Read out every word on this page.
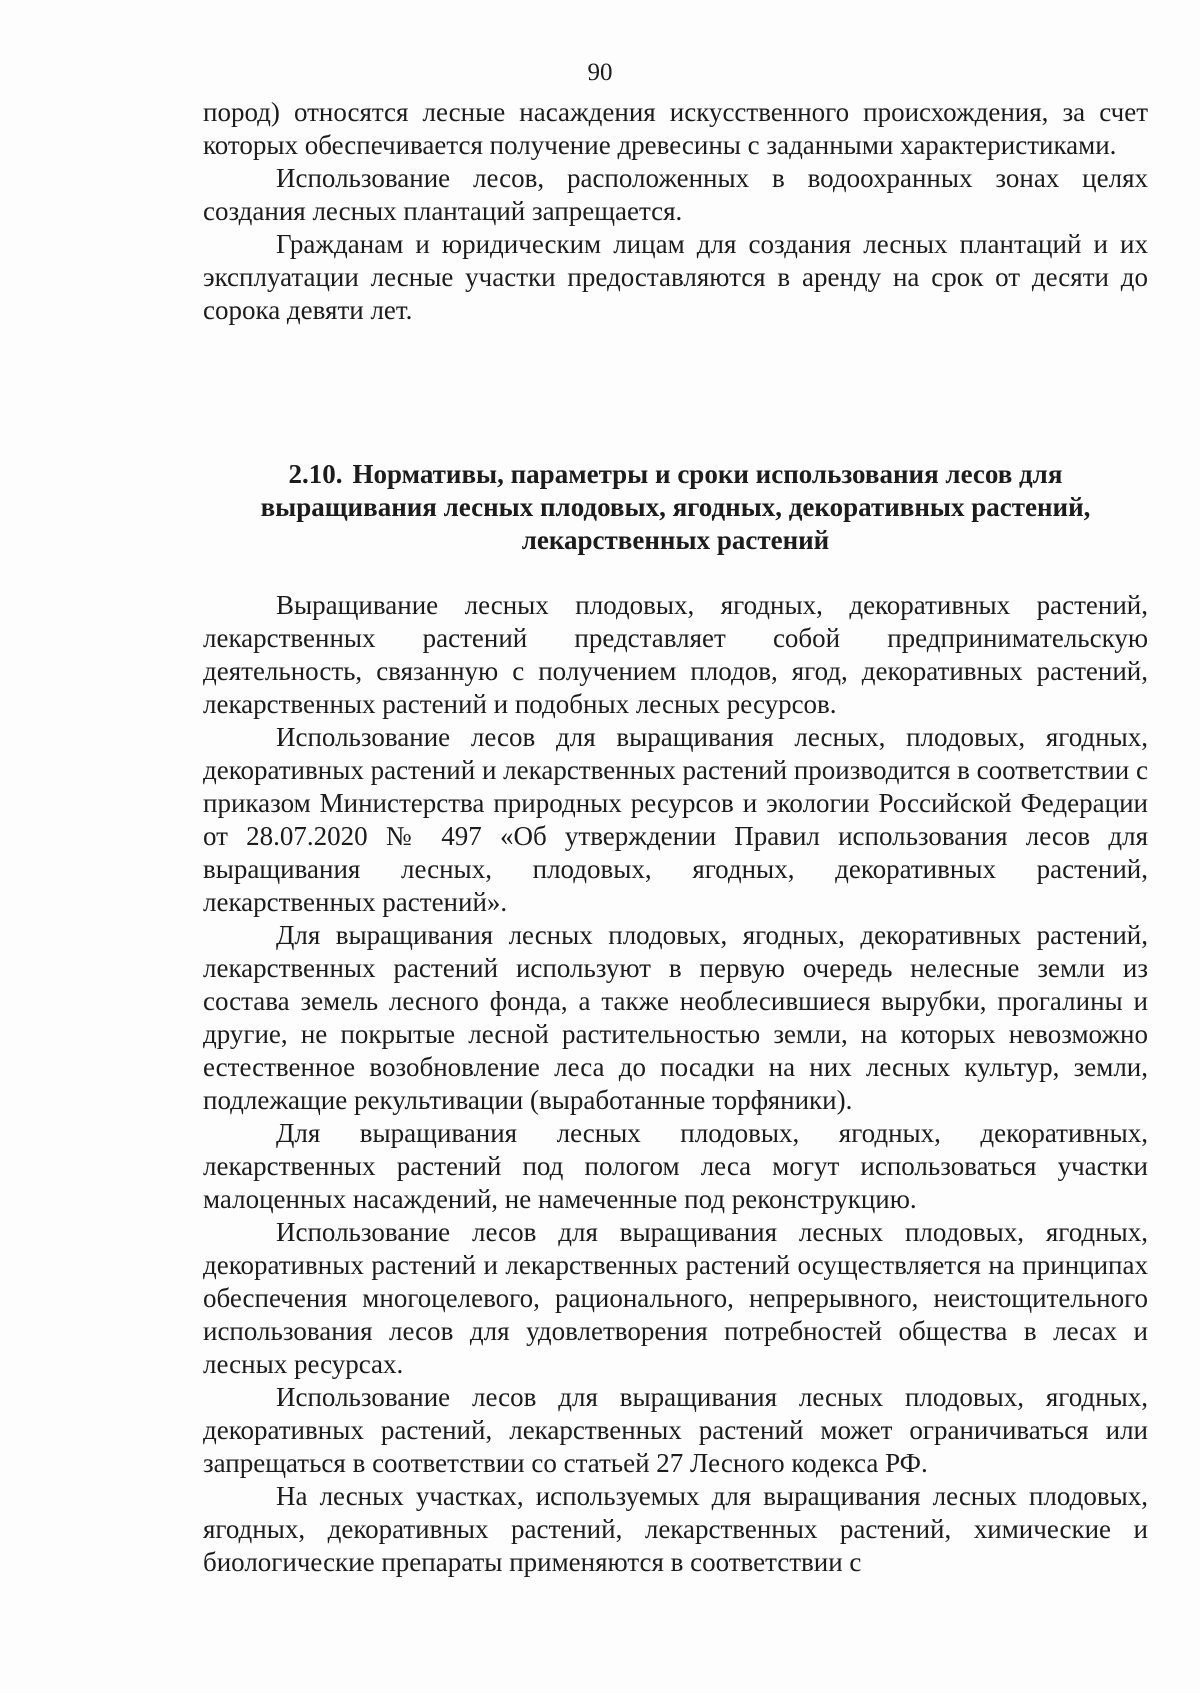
90

пород) относятся лесные насаждения искусственного происхождения, за счет которых обеспечивается получение древесины с заданными характеристиками.

Использование лесов, расположенных в водоохранных зонах целях создания лесных плантаций запрещается.

Гражданам и юридическим лицам для создания лесных плантаций и их эксплуатации лесные участки предоставляются в аренду на срок от десяти до сорока девяти лет.

2.10. Нормативы, параметры и сроки использования лесов для выращивания лесных плодовых, ягодных, декоративных растений, лекарственных растений

Выращивание лесных плодовых, ягодных, декоративных растений, лекарственных растений представляет собой предпринимательскую деятельность, связанную с получением плодов, ягод, декоративных растений, лекарственных растений и подобных лесных ресурсов.

Использование лесов для выращивания лесных, плодовых, ягодных, декоративных растений и лекарственных растений производится в соответствии с приказом Министерства природных ресурсов и экологии Российской Федерации от 28.07.2020 № 497 «Об утверждении Правил использования лесов для выращивания лесных, плодовых, ягодных, декоративных растений, лекарственных растений».

Для выращивания лесных плодовых, ягодных, декоративных растений, лекарственных растений используют в первую очередь нелесные земли из состава земель лесного фонда, а также необлесившиеся вырубки, прогалины и другие, не покрытые лесной растительностью земли, на которых невозможно естественное возобновление леса до посадки на них лесных культур, земли, подлежащие рекультивации (выработанные торфяники).

Для выращивания лесных плодовых, ягодных, декоративных, лекарственных растений под пологом леса могут использоваться участки малоценных насаждений, не намеченные под реконструкцию.

Использование лесов для выращивания лесных плодовых, ягодных, декоративных растений и лекарственных растений осуществляется на принципах обеспечения многоцелевого, рационального, непрерывного, неистощительного использования лесов для удовлетворения потребностей общества в лесах и лесных ресурсах.

Использование лесов для выращивания лесных плодовых, ягодных, декоративных растений, лекарственных растений может ограничиваться или запрещаться в соответствии со статьей 27 Лесного кодекса РФ.

На лесных участках, используемых для выращивания лесных плодовых, ягодных, декоративных растений, лекарственных растений, химические и биологические препараты применяются в соответствии с
